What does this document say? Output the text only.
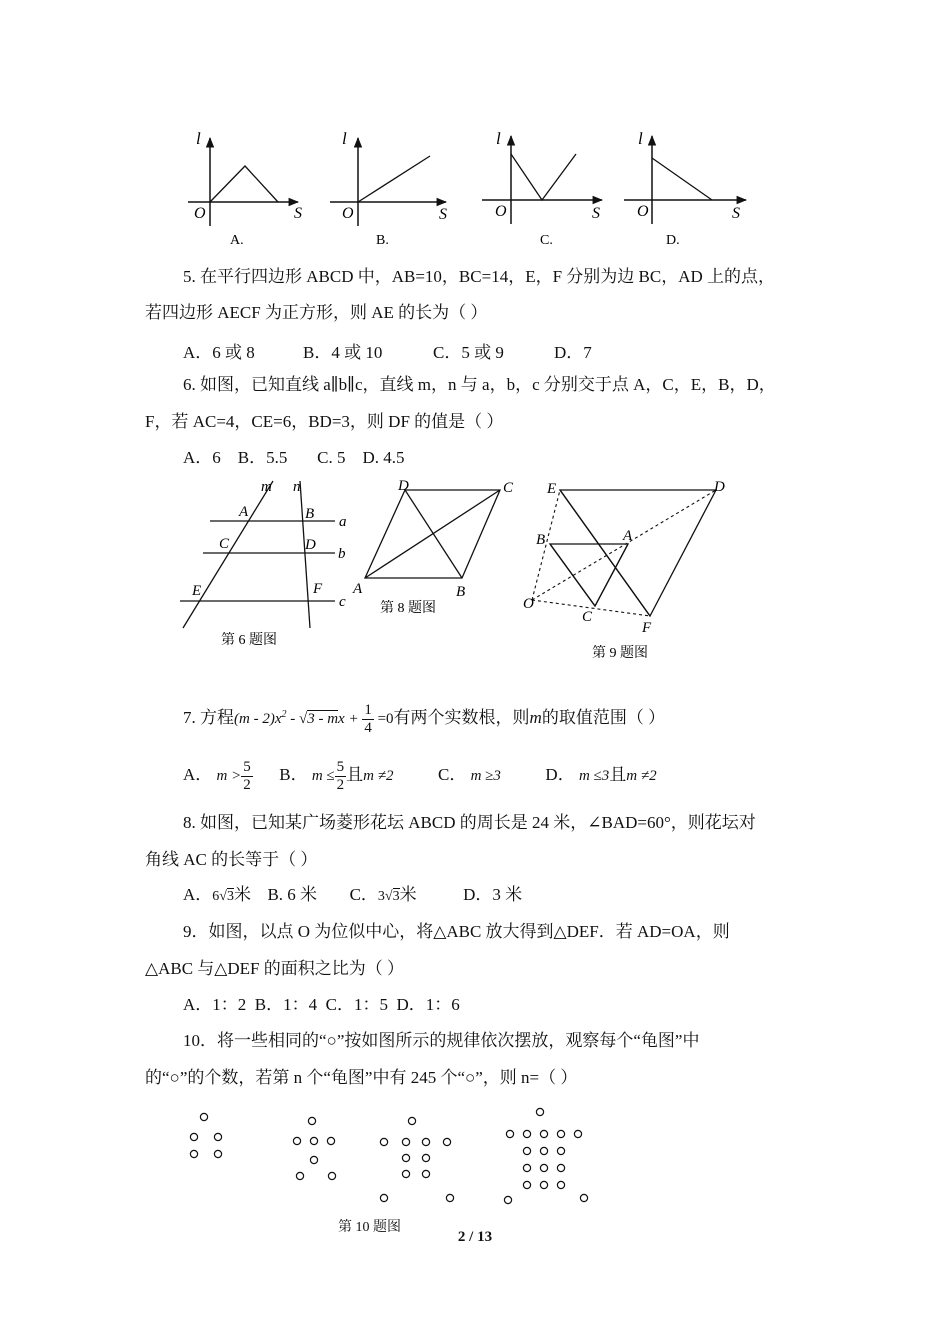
l
O	S
A.
l
O	S
B.
l
O	S
C.
l
O	S
D.
5. 在平行四边形 ABCD 中，AB=10，BC=14，E，F 分别为边 BC，AD 上的点，
若四边形 AECF 为正方形，则 AE 的长为（ ）
A．6 或 8	B．4 或 10	C．5 或 9	D．7
6. 如图，已知直线 a∥b∥c，直线 m，n 与 a，b，c 分别交于点 A，C，E，B，D，
F，若 AC=4，CE=6，BD=3，则 DF 的值是（ ）
A．6    B．5.5       C. 5    D. 4.5
m n
A	B a
C	D
b
E	F
c
第 6 题图
D	C
A	B
第 8 题图
E	D
B	A
O
C
F
第 9 题图
7. 方程$(m - 2)x^2 - √3$ - mx + $\frac{1}{4} =0$有两个实数根，则m的取值范围（ ）
A． $m > \frac{5}{2}$ B． $m \le \frac{5}{2}$ 且m ≠2	C． m ≥3	D． m ≤3且m ≠2
8. 如图，已知某广场菱形花坛 ABCD 的周长是 24 米，∠BAD=60°，则花坛对
角线 AC 的长等于（ ）
A．6√3米 B. 6 米 C．3√3米	D．3 米
9．如图，以点 O 为位似中心，将△ABC 放大得到△DEF．若 AD=OA，则
△ABC 与△DEF 的面积之比为（ ）
A．1：2  B．1：4  C．1：5  D．1：6
10．将一些相同的“○”按如图所示的规律依次摆放，观察每个“龟图”中
的“○”的个数，若第 n 个“龟图”中有 245 个“○”，则 n=（ ）
第 10 题图
2 / 13
